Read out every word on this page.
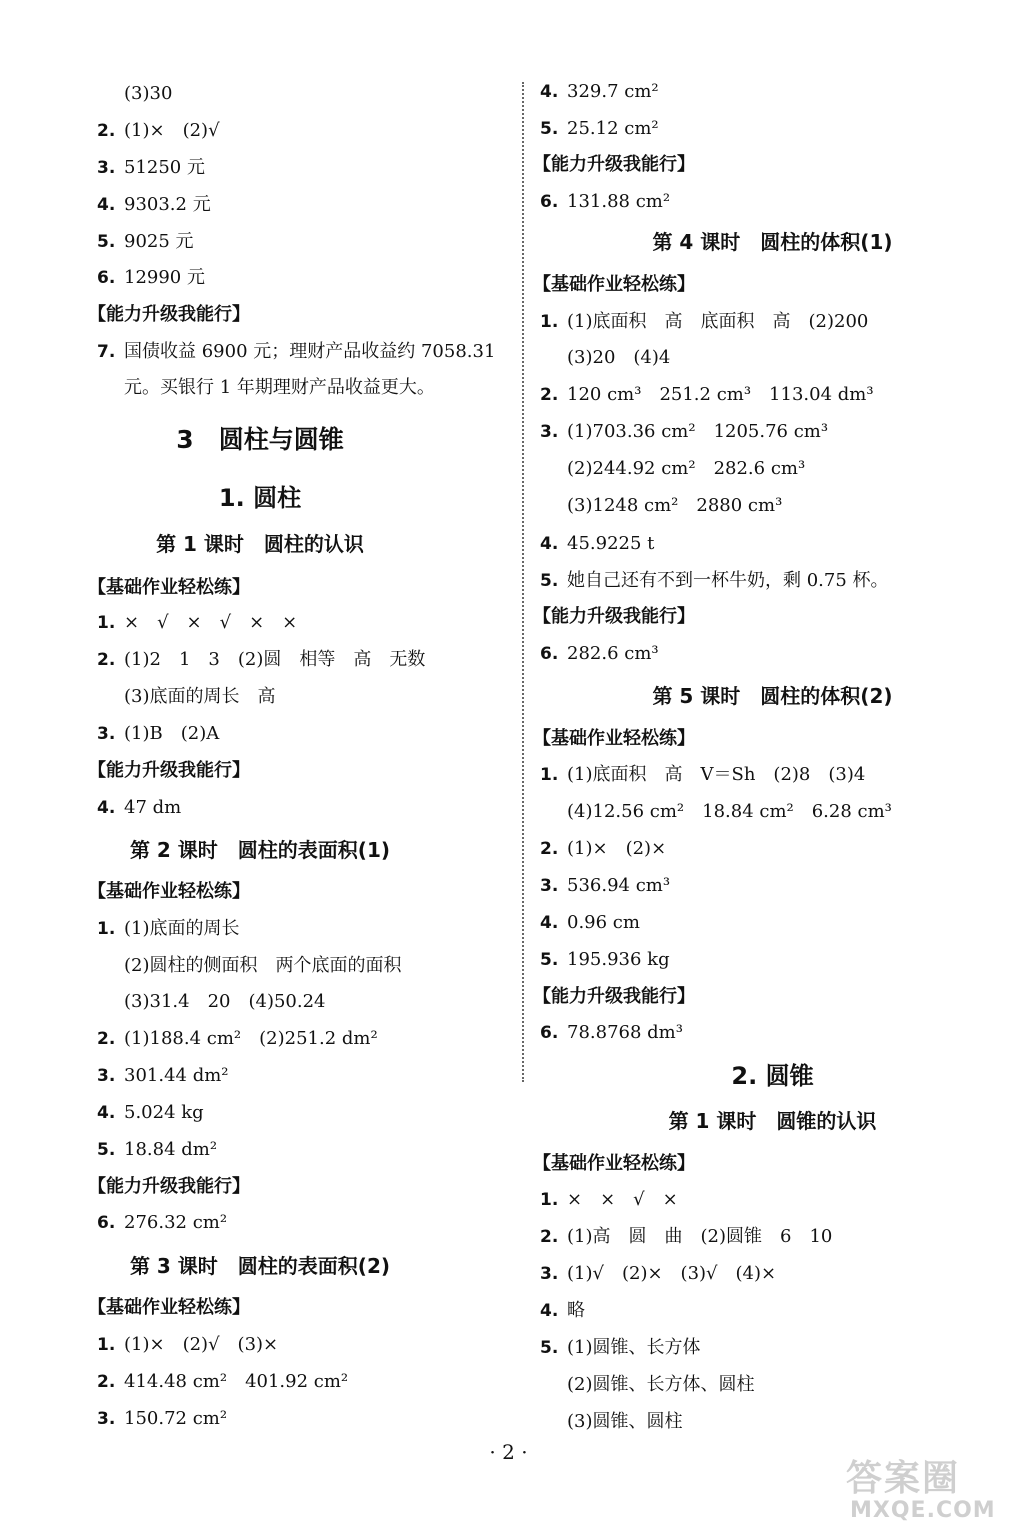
(3)30
2. (1)×　(2)√
3. 51250 元
4. 9303.2 元
5. 9025 元
6. 12990 元
【能力升级我能行】
7. 国债收益 6900 元；理财产品收益约 7058.31
元。买银行 1 年期理财产品收益更大。
3　圆柱与圆锥
1. 圆柱
第 1 课时　圆柱的认识
【基础作业轻松练】
1. ×　√　×　√　×　×
2. (1)2　1　3　(2)圆　相等　高　无数
(3)底面的周长　高
3. (1)B　(2)A
【能力升级我能行】
4. 47 dm
第 2 课时　圆柱的表面积(1)
【基础作业轻松练】
1. (1)底面的周长
(2)圆柱的侧面积　两个底面的面积
(3)31.4　20　(4)50.24
2. (1)188.4 cm²　(2)251.2 dm²
3. 301.44 dm²
4. 5.024 kg
5. 18.84 dm²
【能力升级我能行】
6. 276.32 cm²
第 3 课时　圆柱的表面积(2)
【基础作业轻松练】
1. (1)×　(2)√　(3)×
2. 414.48 cm²　401.92 cm²
3. 150.72 cm²
4. 329.7 cm²
5. 25.12 cm²
【能力升级我能行】
6. 131.88 cm²
第 4 课时　圆柱的体积(1)
【基础作业轻松练】
1. (1)底面积　高　底面积　高　(2)200
(3)20　(4)4
2. 120 cm³　251.2 cm³　113.04 dm³
3. (1)703.36 cm²　1205.76 cm³
(2)244.92 cm²　282.6 cm³
(3)1248 cm²　2880 cm³
4. 45.9225 t
5. 她自己还有不到一杯牛奶，剩 0.75 杯。
【能力升级我能行】
6. 282.6 cm³
第 5 课时　圆柱的体积(2)
【基础作业轻松练】
1. (1)底面积　高　V＝Sh　(2)8　(3)4
(4)12.56 cm²　18.84 cm²　6.28 cm³
2. (1)×　(2)×
3. 536.94 cm³
4. 0.96 cm
5. 195.936 kg
【能力升级我能行】
6. 78.8768 dm³
2. 圆锥
第 1 课时　圆锥的认识
【基础作业轻松练】
1. ×　×　√　×
2. (1)高　圆　曲　(2)圆锥　6　10
3. (1)√　(2)×　(3)√　(4)×
4. 略
5. (1)圆锥、长方体
(2)圆锥、长方体、圆柱
(3)圆锥、圆柱
· 2 ·
答案圈
MXQE.COM
